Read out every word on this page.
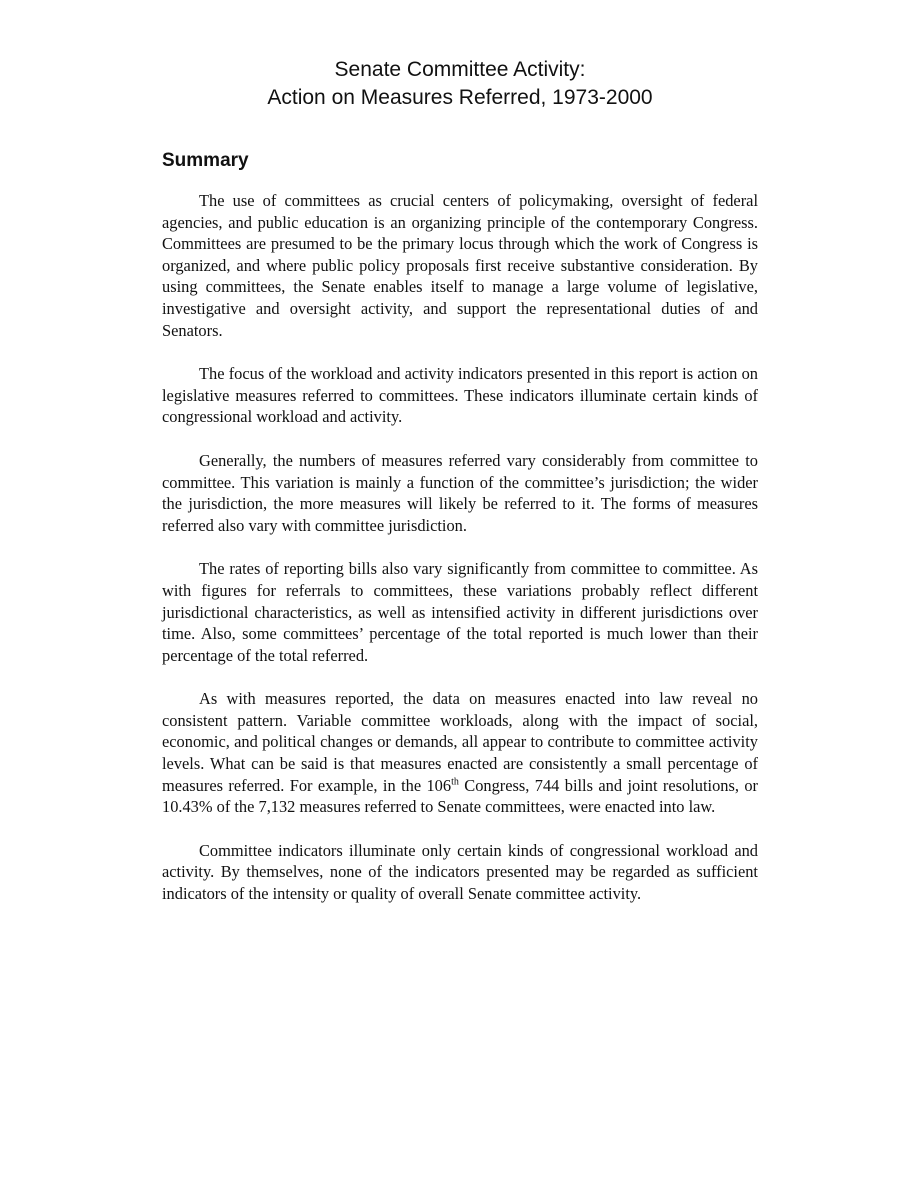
Senate Committee Activity:
Action on Measures Referred, 1973-2000
Summary

The use of committees as crucial centers of policymaking, oversight of federal agencies, and public education is an organizing principle of the contemporary Congress. Committees are presumed to be the primary locus through which the work of Congress is organized, and where public policy proposals first receive substantive consideration. By using committees, the Senate enables itself to manage a large volume of legislative, investigative and oversight activity, and support the representational duties of and Senators.

The focus of the workload and activity indicators presented in this report is action on legislative measures referred to committees. These indicators illuminate certain kinds of congressional workload and activity.

Generally, the numbers of measures referred vary considerably from committee to committee. This variation is mainly a function of the committee’s jurisdiction; the wider the jurisdiction, the more measures will likely be referred to it. The forms of measures referred also vary with committee jurisdiction.

The rates of reporting bills also vary significantly from committee to committee. As with figures for referrals to committees, these variations probably reflect different jurisdictional characteristics, as well as intensified activity in different jurisdictions over time. Also, some committees’ percentage of the total reported is much lower than their percentage of the total referred.

As with measures reported, the data on measures enacted into law reveal no consistent pattern. Variable committee workloads, along with the impact of social, economic, and political changes or demands, all appear to contribute to committee activity levels. What can be said is that measures enacted are consistently a small percentage of measures referred. For example, in the 106th Congress, 744 bills and joint resolutions, or 10.43% of the 7,132 measures referred to Senate committees, were enacted into law.

Committee indicators illuminate only certain kinds of congressional workload and activity. By themselves, none of the indicators presented may be regarded as sufficient indicators of the intensity or quality of overall Senate committee activity.
